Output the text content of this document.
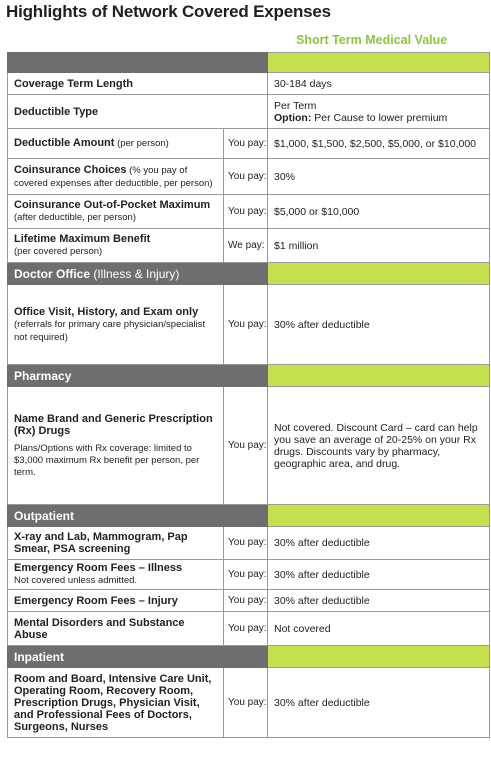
Highlights of Network Covered Expenses
Short Term Medical Value

Coverage Term Length		30-184 days
Deductible Type		Per Term
Option: Per Cause to lower premium
Deductible Amount (per person)	You pay:	$1,000, $1,500, $2,500, $5,000, or $10,000
Coinsurance Choices (% you pay of covered expenses after deductible, per person)	You pay:	30%
Coinsurance Out-of-Pocket Maximum
(after deductible, per person)	You pay:	$5,000 or $10,000
Lifetime Maximum Benefit
(per covered person)	We pay:	$1 million
Doctor Office (Illness & Injury)		
Office Visit, History, and Exam only
(referrals for primary care physician/specialist not required)	You pay:	30% after deductible
Pharmacy		
Name Brand and Generic Prescription (Rx) Drugs
Plans/Options with Rx coverage: limited to $3,000 maximum Rx benefit per person, per term.	You pay:	Not covered. Discount Card – card can help you save an average of 20-25% on your Rx drugs. Discounts vary by pharmacy, geographic area, and drug.
Outpatient		
X-ray and Lab, Mammogram, Pap Smear, PSA screening	You pay:	30% after deductible
Emergency Room Fees – Illness
Not covered unless admitted.	You pay:	30% after deductible
Emergency Room Fees – Injury	You pay:	30% after deductible
Mental Disorders and Substance Abuse	You pay:	Not covered
Inpatient		
Room and Board, Intensive Care Unit, Operating Room, Recovery Room, Prescription Drugs, Physician Visit, and Professional Fees of Doctors, Surgeons, Nurses	You pay:	30% after deductible
